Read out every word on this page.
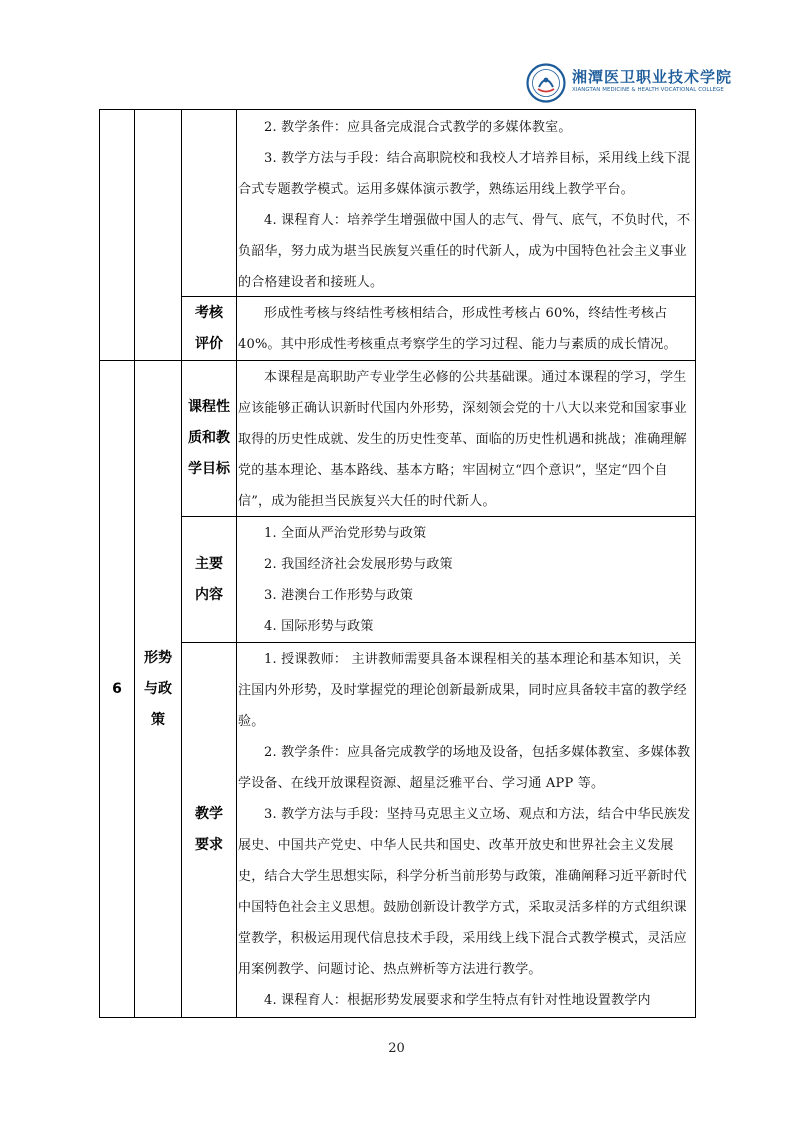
湘潭医卫职业技术学院
XIANGTAN MEDICINE & HEALTH VOCATIONAL COLLEGE

2. 教学条件：应具备完成混合式教学的多媒体教室。

3. 教学方法与手段：结合高职院校和我校人才培养目标，采用线上线下混合式专题教学模式。运用多媒体演示教学，熟练运用线上教学平台。

4. 课程育人：培养学生增强做中国人的志气、骨气、底气，不负时代，不负韶华，努力成为堪当民族复兴重任的时代新人，成为中国特色社会主义事业的合格建设者和接班人。

考核
评价

形成性考核与终结性考核相结合，形成性考核占 60%，终结性考核占 40%。其中形成性考核重点考察学生的学习过程、能力与素质的成长情况。

6
形势
与政
策
课程性
质和教
学目标

本课程是高职助产专业学生必修的公共基础课。通过本课程的学习，学生应该能够正确认识新时代国内外形势，深刻领会党的十八大以来党和国家事业取得的历史性成就、发生的历史性变革、面临的历史性机遇和挑战；准确理解党的基本理论、基本路线、基本方略；牢固树立“四个意识”，坚定“四个自信”，成为能担当民族复兴大任的时代新人。

主要
内容

1. 全面从严治党形势与政策

2. 我国经济社会发展形势与政策

3. 港澳台工作形势与政策

4. 国际形势与政策

教学
要求

1. 授课教师： 主讲教师需要具备本课程相关的基本理论和基本知识，关注国内外形势，及时掌握党的理论创新最新成果，同时应具备较丰富的教学经验。

2. 教学条件：应具备完成教学的场地及设备，包括多媒体教室、多媒体教学设备、在线开放课程资源、超星泛雅平台、学习通 APP 等。

3. 教学方法与手段：坚持马克思主义立场、观点和方法，结合中华民族发展史、中国共产党史、中华人民共和国史、改革开放史和世界社会主义发展史，结合大学生思想实际，科学分析当前形势与政策，准确阐释习近平新时代中国特色社会主义思想。鼓励创新设计教学方式，采取灵活多样的方式组织课堂教学，积极运用现代信息技术手段，采用线上线下混合式教学模式，灵活应用案例教学、问题讨论、热点辨析等方法进行教学。

4. 课程育人：根据形势发展要求和学生特点有针对性地设置教学内

20
